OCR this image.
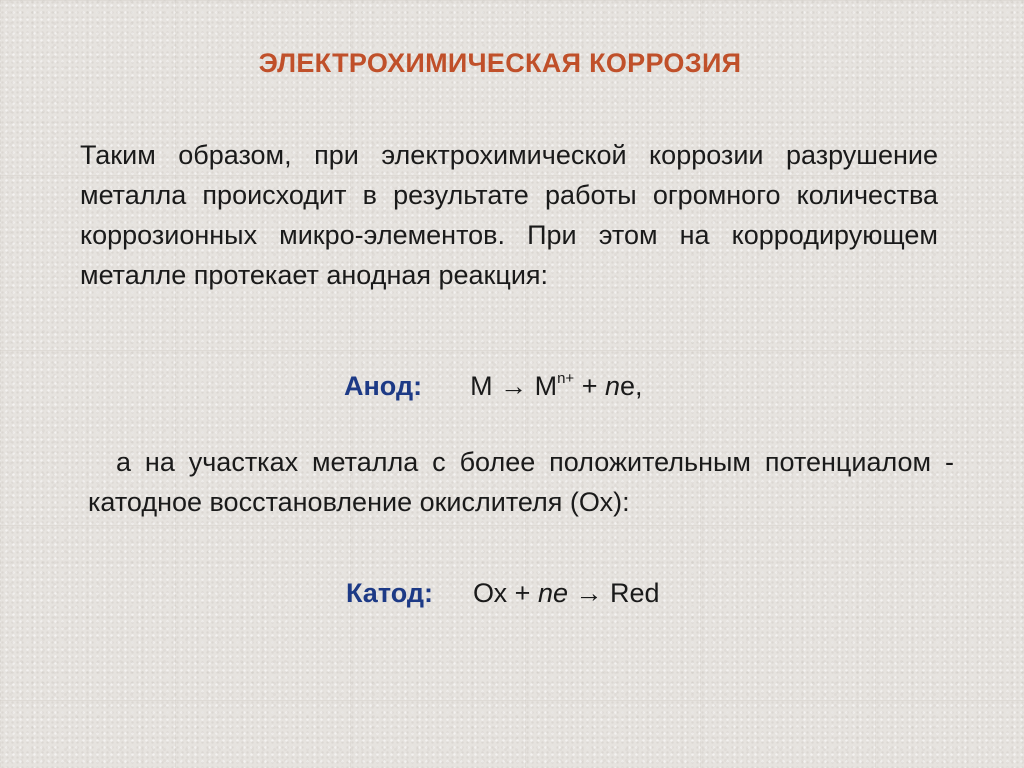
ЭЛЕКТРОХИМИЧЕСКАЯ КОРРОЗИЯ

Таким образом, при электрохимической коррозии разрушение металла происходит в результате работы огромного количества коррозионных микро-элементов. При этом на корродирующем металле протекает анодная реакция:

Анод: $М \to М^{n+}$ + nе,

а на участках металла с более положительным потенциалом - катодное восстановление окислителя (Ох):

Катод: Ох + ne → Red
